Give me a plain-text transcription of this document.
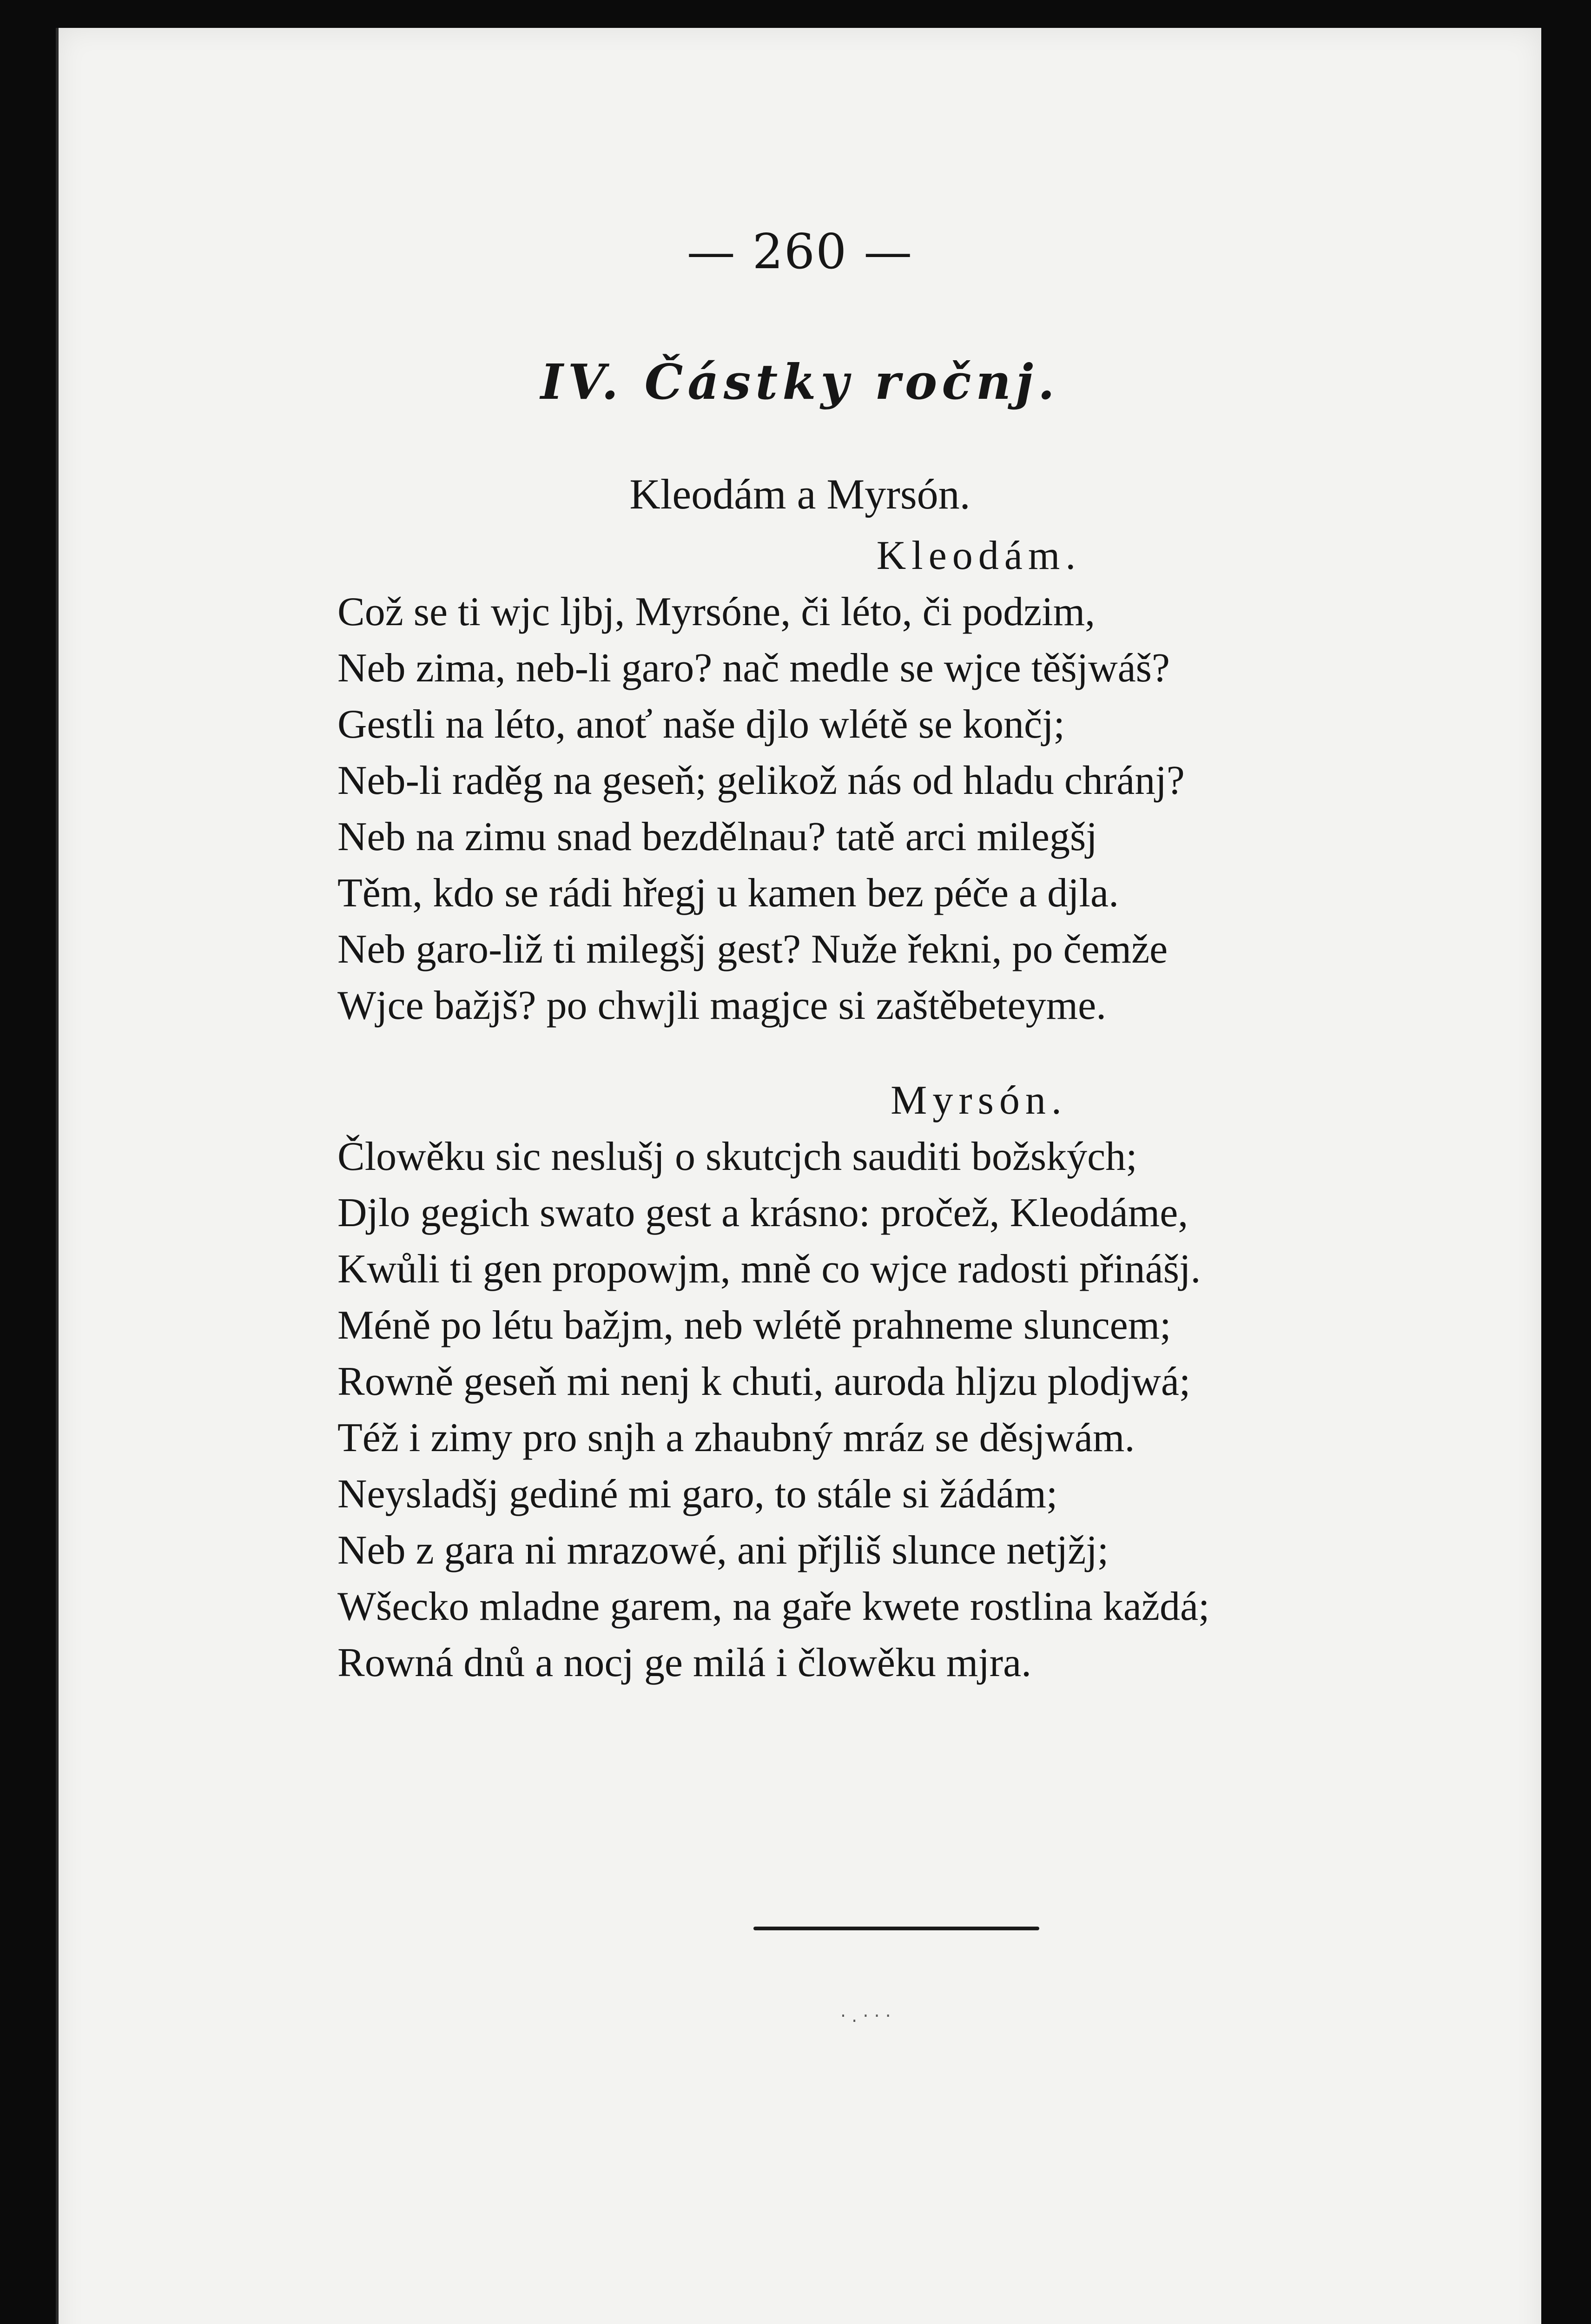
— 260 —
IV. Částky ročnj.
Kleodám a Myrsón.

Kleodám.

Což se ti wjc ljbj, Myrsóne, či léto, či podzim,

Neb zima, neb-li garo? nač medle se wjce těšjwáš?

Gestli na léto, anoť naše djlo wlétě se končj;

Neb-li raděg na geseň; gelikož nás od hladu chránj?

Neb na zimu snad bezdělnau? tatě arci milegšj

Těm, kdo se rádi hřegj u kamen bez péče a djla.

Neb garo-liž ti milegšj gest? Nuže řekni, po čemže

Wjce bažjš? po chwjli magjce si zaštěbeteyme.

Myrsón.

Člowěku sic neslušj o skutcjch sauditi božských;

Djlo gegich swato gest a krásno: pročež, Kleodáme,

Kwůli ti gen propowjm, mně co wjce radosti přinášj.

Méně po létu bažjm, neb wlétě prahneme sluncem;

Rowně geseň mi nenj k chuti, auroda hljzu plodjwá;

Též i zimy pro snjh a zhaubný mráz se děsjwám.

Neysladšj gediné mi garo, to stále si žádám;

Neb z gara ni mrazowé, ani přjliš slunce netjžj;

Wšecko mladne garem, na gaře kwete rostlina každá;

Rowná dnů a nocj ge milá i člowěku mjra.

· . · · ·
